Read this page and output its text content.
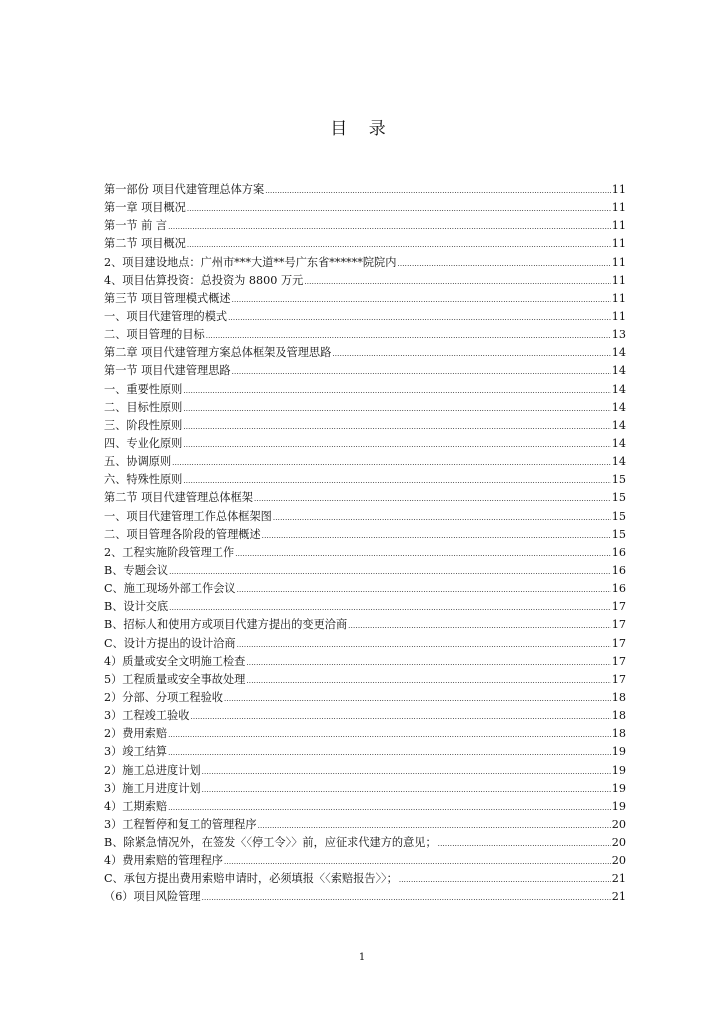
目 录
第一部份 项目代建管理总体方案 .....	11
第一章 项目概况 .....	11
第一节 前 言 .....	11
第二节 项目概况 .....	11
2、项目建设地点：广州市***大道**号广东省******院院内 .....	11
4、项目估算投资：总投资为 8800 万元 .....	11
第三节 项目管理模式概述 .....	11
一、项目代建管理的模式 .....	11
二、项目管理的目标 .....	13
第二章 项目代建管理方案总体框架及管理思路 .....	14
第一节 项目代建管理思路 .....	14
一、重要性原则 .....	14
二、目标性原则 .....	14
三、阶段性原则 .....	14
四、专业化原则 .....	14
五、协调原则 .....	14
六、特殊性原则 .....	15
第二节 项目代建管理总体框架 .....	15
一、项目代建管理工作总体框架图 .....	15
二、项目管理各阶段的管理概述 .....	15
2、工程实施阶段管理工作 .....	16
B、专题会议 .....	16
C、施工现场外部工作会议 .....	16
B、设计交底 .....	17
B、招标人和使用方或项目代建方提出的变更洽商 .....	17
C、设计方提出的设计洽商 .....	17
4）质量或安全文明施工检查 .....	17
5）工程质量或安全事故处理 .....	17
2）分部、分项工程验收 .....	18
3）工程竣工验收 .....	18
2）费用索赔 .....	18
3）竣工结算 .....	19
2）施工总进度计划 .....	19
3）施工月进度计划 .....	19
4）工期索赔 .....	19
3）工程暂停和复工的管理程序 .....	20
B、除紧急情况外，在签发〈〈停工令〉〉前，应征求代建方的意见； .....	20
4）费用索赔的管理程序 .....	20
C、承包方提出费用索赔申请时，必须填报〈〈索赔报告〉〉； .....	21
（6）项目风险管理 .....	21
1
